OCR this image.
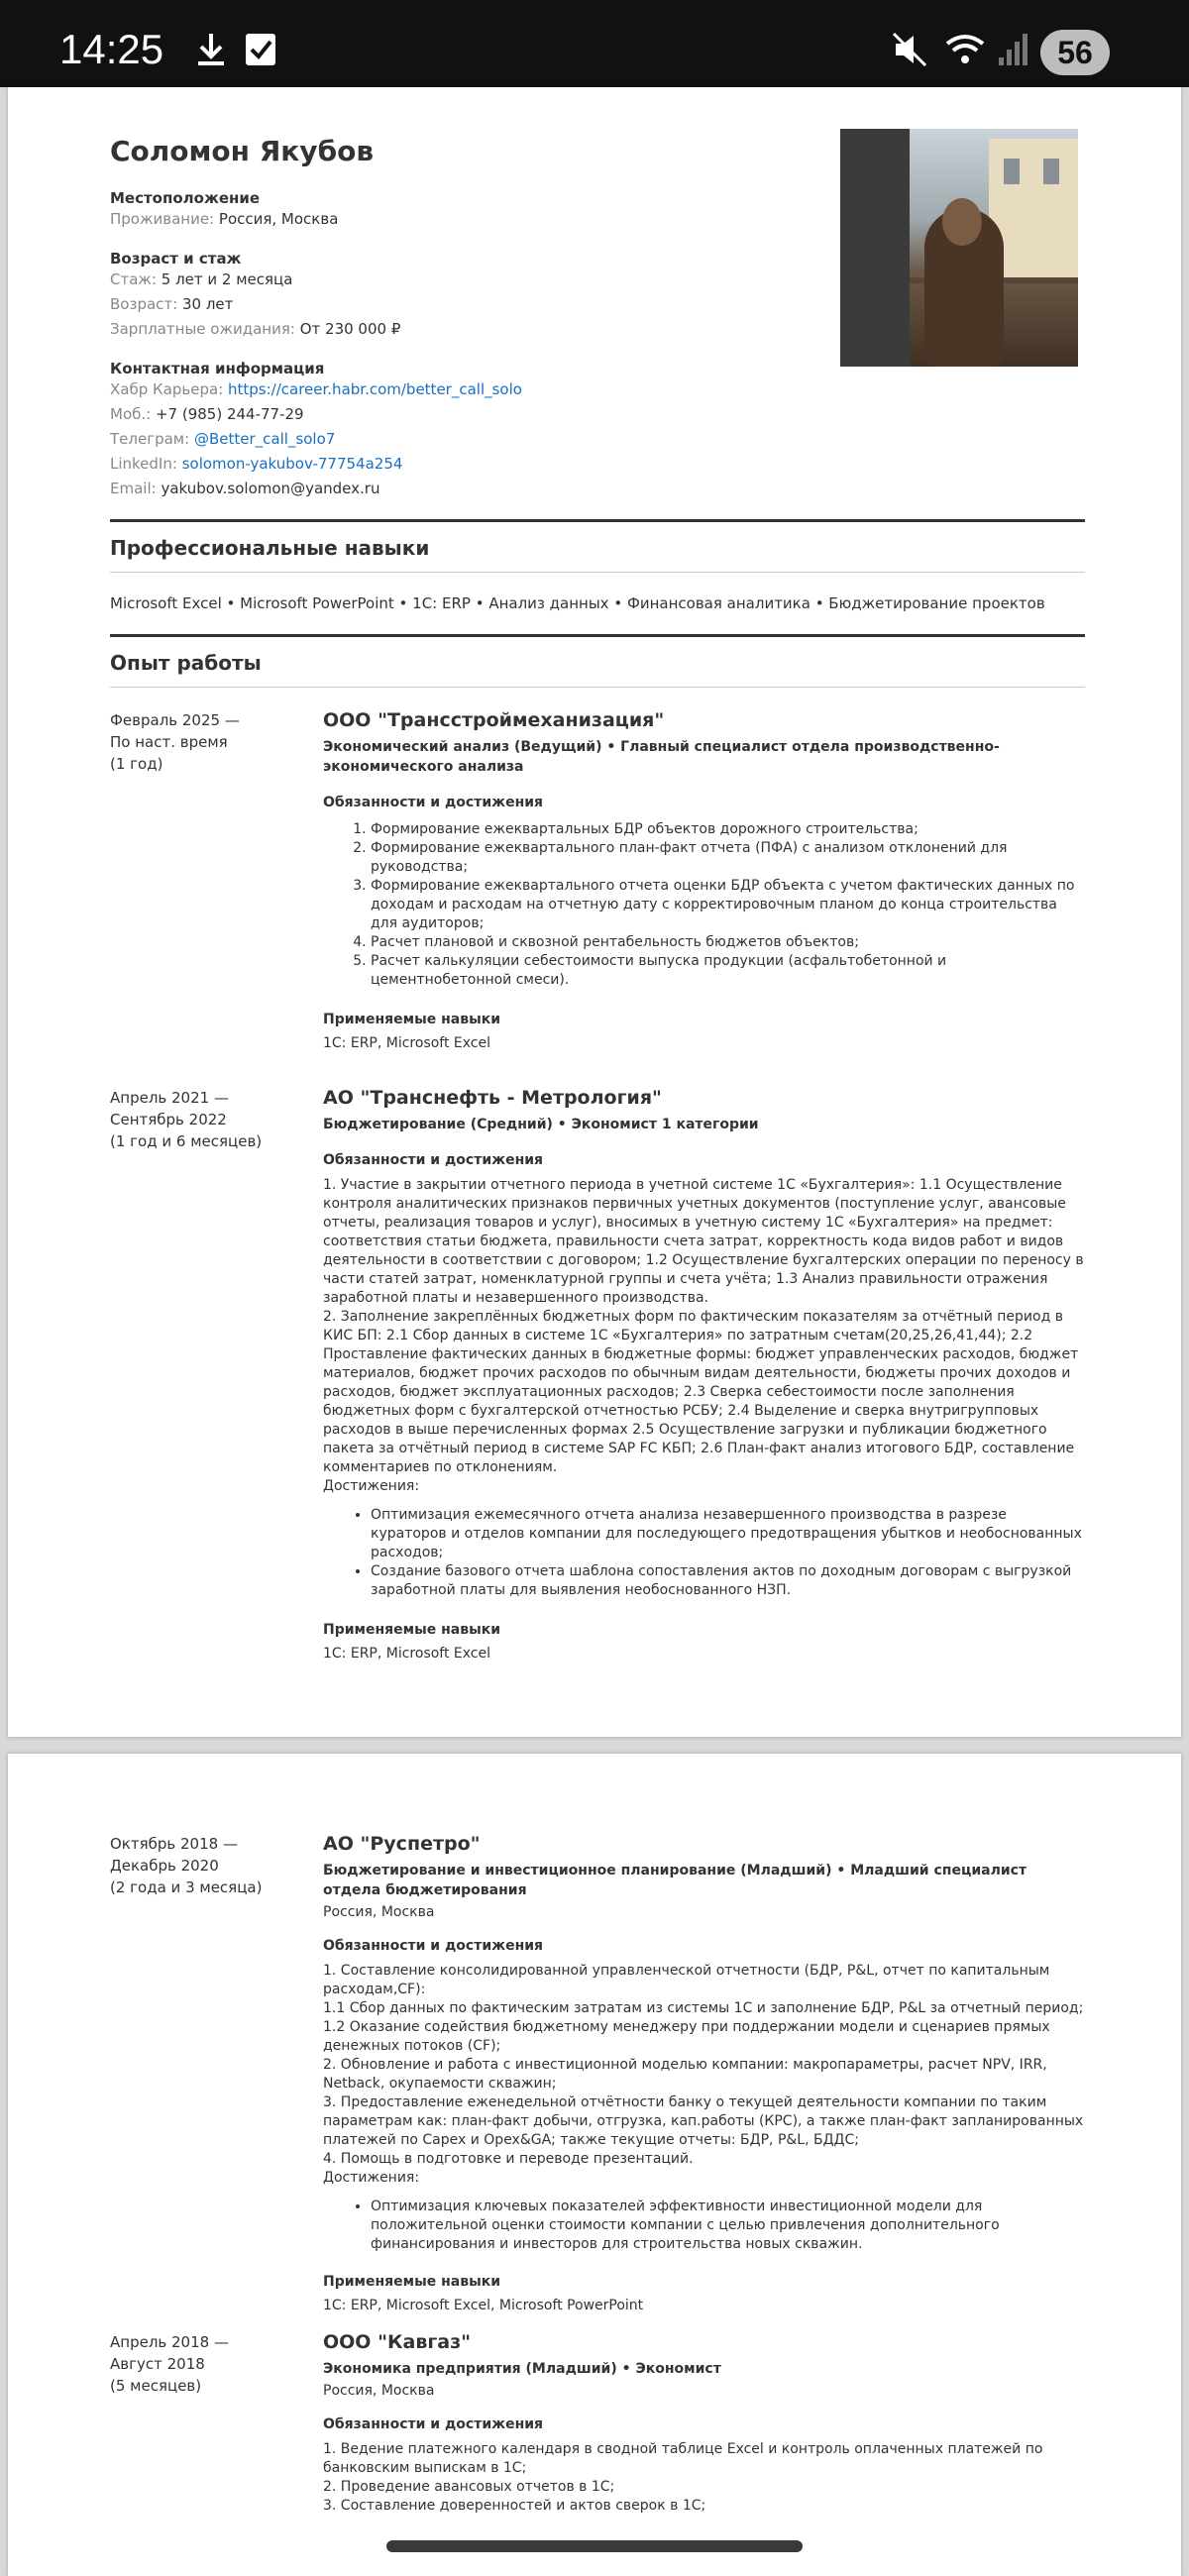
14:25	56
Соломон Якубов
Местоположение
Проживание: Россия, Москва
Возраст и стаж
Стаж: 5 лет и 2 месяца
Возраст: 30 лет
Зарплатные ожидания: От 230 000 ₽
Контактная информация
Хабр Карьера: https://career.habr.com/better_call_solo
Моб.: +7 (985) 244-77-29
Телеграм: @Better_call_solo7
LinkedIn: solomon-yakubov-77754a254
Email: yakubov.solomon@yandex.ru
Профессиональные навыки
Microsoft Excel • Microsoft PowerPoint • 1С: ERP • Анализ данных • Финансовая аналитика • Бюджетирование проектов
Опыт работы
Февраль 2025 —
По наст. время
(1 год)
ООО "Трансстроймеханизация"
Экономический анализ (Ведущий) • Главный специалист отдела производственно-экономического анализа
Обязанности и достижения
1. Формирование ежеквартальных БДР объектов дорожного строительства;
2. Формирование ежеквартального план-факт отчета (ПФА) с анализом отклонений для руководства;
3. Формирование ежеквартального отчета оценки БДР объекта с учетом фактических данных по доходам и расходам на отчетную дату с корректировочным планом до конца строительства для аудиторов;
4. Расчет плановой и сквозной рентабельность бюджетов объектов;
5. Расчет калькуляции себестоимости выпуска продукции (асфальтобетонной и цементнобетонной смеси).
Применяемые навыки
1С: ERP, Microsoft Excel
Апрель 2021 —
Сентябрь 2022
(1 год и 6 месяцев)
АО "Транснефть - Метрология"
Бюджетирование (Средний) • Экономист 1 категории
Обязанности и достижения
1. Участие в закрытии отчетного периода в учетной системе 1С «Бухгалтерия»: 1.1 Осуществление контроля аналитических признаков первичных учетных документов (поступление услуг, авансовые отчеты, реализация товаров и услуг), вносимых в учетную систему 1С «Бухгалтерия» на предмет: соответствия статьи бюджета, правильности счета затрат, корректность кода видов работ и видов деятельности в соответствии с договором; 1.2 Осуществление бухгалтерских операции по переносу в части статей затрат, номенклатурной группы и счета учёта; 1.3 Анализ правильности отражения заработной платы и незавершенного производства.
2. Заполнение закреплённых бюджетных форм по фактическим показателям за отчётный период в КИС БП: 2.1 Сбор данных в системе 1С «Бухгалтерия» по затратным счетам(20,25,26,41,44); 2.2 Проставление фактических данных в бюджетные формы: бюджет управленческих расходов, бюджет материалов, бюджет прочих расходов по обычным видам деятельности, бюджеты прочих доходов и расходов, бюджет эксплуатационных расходов; 2.3 Сверка себестоимости после заполнения бюджетных форм с бухгалтерской отчетностью РСБУ; 2.4 Выделение и сверка внутригрупповых расходов в выше перечисленных формах 2.5 Осуществление загрузки и публикации бюджетного пакета за отчётный период в системе SAP FC КБП; 2.6 План-факт анализ итогового БДР, составление комментариев по отклонениям.
Достижения:
• Оптимизация ежемесячного отчета анализа незавершенного производства в разрезе кураторов и отделов компании для последующего предотвращения убытков и необоснованных расходов;
• Создание базового отчета шаблона сопоставления актов по доходным договорам с выгрузкой заработной платы для выявления необоснованного НЗП.
Применяемые навыки
1С: ERP, Microsoft Excel
Октябрь 2018 —
Декабрь 2020
(2 года и 3 месяца)
АО "Руспетро"
Бюджетирование и инвестиционное планирование (Младший) • Младший специалист отдела бюджетирования
Россия, Москва
Обязанности и достижения
1. Составление консолидированной управленческой отчетности (БДР, P&L, отчет по капитальным расходам,CF):
1.1 Сбор данных по фактическим затратам из системы 1С и заполнение БДР, P&L за отчетный период;
1.2 Оказание содействия бюджетному менеджеру при поддержании модели и сценариев прямых денежных потоков (CF);
2. Обновление и работа с инвестиционной моделью компании: макропараметры, расчет NPV, IRR, Netback, окупаемости скважин;
3. Предоставление еженедельной отчётности банку о текущей деятельности компании по таким параметрам как: план-факт добычи, отгрузка, кап.работы (КРС), а также план-факт запланированных платежей по Capex и Opex&GA; также текущие отчеты: БДР, P&L, БДДС;
4. Помощь в подготовке и переводе презентаций.
Достижения:
• Оптимизация ключевых показателей эффективности инвестиционной модели для положительной оценки стоимости компании с целью привлечения дополнительного финансирования и инвесторов для строительства новых скважин.
Применяемые навыки
1С: ERP, Microsoft Excel, Microsoft PowerPoint
Апрель 2018 —
Август 2018
(5 месяцев)
ООО "Кавгаз"
Экономика предприятия (Младший) • Экономист
Россия, Москва
Обязанности и достижения
1. Ведение платежного календаря в сводной таблице Excel и контроль оплаченных платежей по банковским выпискам в 1С;
2. Проведение авансовых отчетов в 1С;
3. Составление доверенностей и актов сверок в 1С;
